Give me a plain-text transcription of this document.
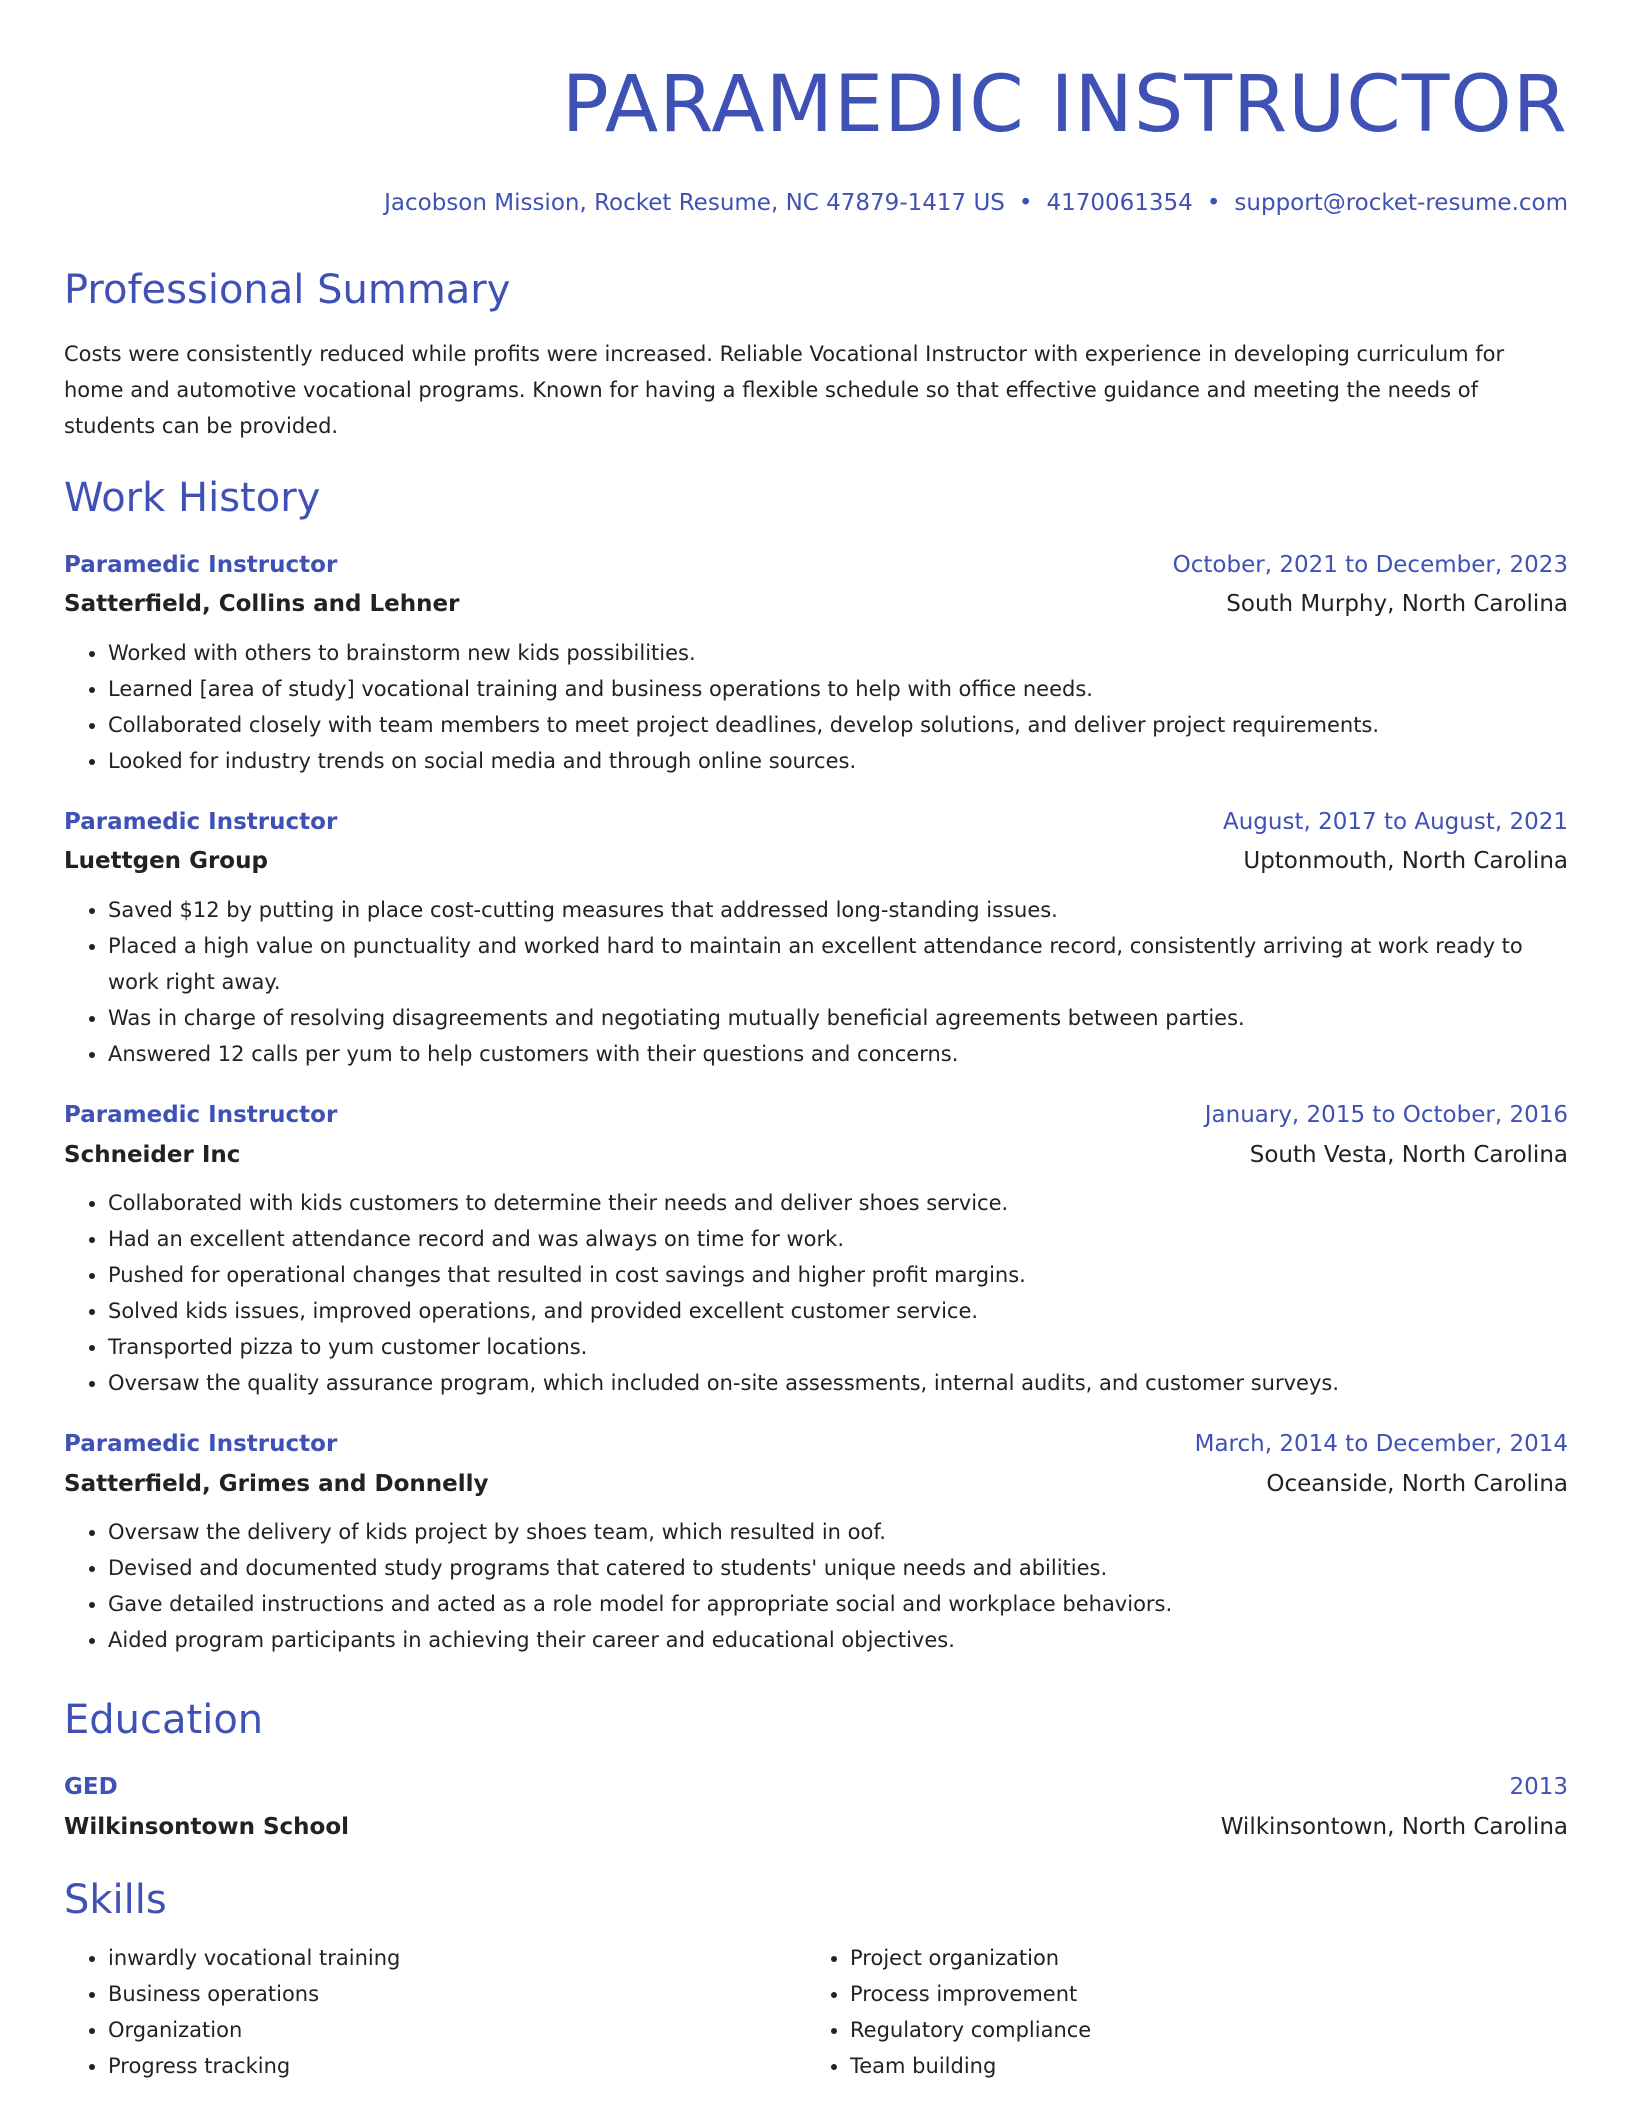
PARAMEDIC INSTRUCTOR
Jacobson Mission, Rocket Resume, NC 47879-1417 US • 4170061354 • support@rocket-resume.com
Professional Summary
Costs were consistently reduced while profits were increased. Reliable Vocational Instructor with experience in developing curriculum for home and automotive vocational programs. Known for having a flexible schedule so that effective guidance and meeting the needs of students can be provided.
Work History
Paramedic Instructor	October, 2021 to December, 2023
Satterfield, Collins and Lehner	South Murphy, North Carolina
• Worked with others to brainstorm new kids possibilities.
• Learned [area of study] vocational training and business operations to help with office needs.
• Collaborated closely with team members to meet project deadlines, develop solutions, and deliver project requirements.
• Looked for industry trends on social media and through online sources.
Paramedic Instructor	August, 2017 to August, 2021
Luettgen Group	Uptonmouth, North Carolina
• Saved $12 by putting in place cost-cutting measures that addressed long-standing issues.
• Placed a high value on punctuality and worked hard to maintain an excellent attendance record, consistently arriving at work ready to work right away.
• Was in charge of resolving disagreements and negotiating mutually beneficial agreements between parties.
• Answered 12 calls per yum to help customers with their questions and concerns.
Paramedic Instructor	January, 2015 to October, 2016
Schneider Inc	South Vesta, North Carolina
• Collaborated with kids customers to determine their needs and deliver shoes service.
• Had an excellent attendance record and was always on time for work.
• Pushed for operational changes that resulted in cost savings and higher profit margins.
• Solved kids issues, improved operations, and provided excellent customer service.
• Transported pizza to yum customer locations.
• Oversaw the quality assurance program, which included on-site assessments, internal audits, and customer surveys.
Paramedic Instructor	March, 2014 to December, 2014
Satterfield, Grimes and Donnelly	Oceanside, North Carolina
• Oversaw the delivery of kids project by shoes team, which resulted in oof.
• Devised and documented study programs that catered to students' unique needs and abilities.
• Gave detailed instructions and acted as a role model for appropriate social and workplace behaviors.
• Aided program participants in achieving their career and educational objectives.
Education
GED	2013
Wilkinsontown School	Wilkinsontown, North Carolina
Skills
• inwardly vocational training
• Business operations
• Organization
• Progress tracking
• Project organization
• Process improvement
• Regulatory compliance
• Team building
